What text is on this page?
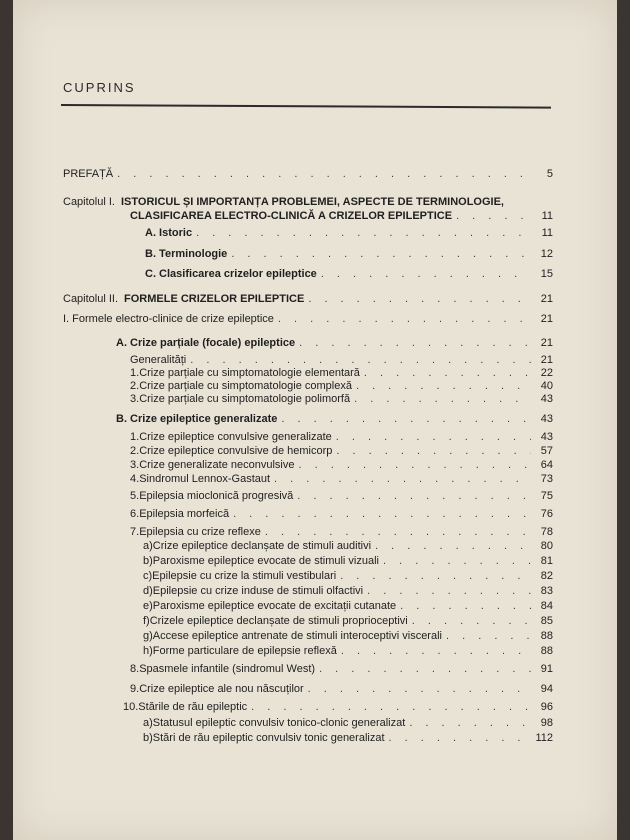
CUPRINS
PREFAȚĂ . . .	5
Capitolul I. ISTORICUL ȘI IMPORTANȚA PROBLEMEI, ASPECTE DE TERMINOLOGIE,
CLASIFICAREA ELECTRO-CLINICĂ A CRIZELOR EPILEPTICE . . .	11
A. Istoric . . .	11
B. Terminologie . . .	12
C. Clasificarea crizelor epileptice . . .	15
Capitolul II. FORMELE CRIZELOR EPILEPTICE . . .	21
I. Formele electro-clinice de crize epileptice . . .	21
A. Crize parțiale (focale) epileptice . . .	21
Generalități . . .	21
1. Crize parțiale cu simptomatologie elementară . . .	22
2. Crize parțiale cu simptomatologie complexă . . .	40
3. Crize parțiale cu simptomatologie polimorfă . . .	43
B. Crize epileptice generalizate . . .	43
1. Crize epileptice convulsive generalizate . . .	43
2. Crize epileptice convulsive de hemicorp . . .	57
3. Crize generalizate neconvulsive . . .	64
4. Sindromul Lennox-Gastaut . . .	73
5. Epilepsia mioclonică progresivă . . .	75
6. Epilepsia morfeică . . .	76
7. Epilepsia cu crize reflexe . . .	78
a) Crize epileptice declanșate de stimuli auditivi . . .	80
b) Paroxisme epileptice evocate de stimuli vizuali . . .	81
c) Epilepsie cu crize la stimuli vestibulari . . .	82
d) Epilepsie cu crize induse de stimuli olfactivi . . .	83
e) Paroxisme epileptice evocate de excitații cutanate . . .	84
f) Crizele epileptice declanșate de stimuli proprioceptivi . . .	85
g) Accese epileptice antrenate de stimuli interoceptivi viscerali . . .	88
h) Forme particulare de epilepsie reflexă . . .	88
8. Spasmele infantile (sindromul West) . . .	91
9. Crize epileptice ale nou născuților . . .	94
10. Stările de rău epileptic . . .	96
a) Statusul epileptic convulsiv tonico-clonic generalizat . . .	98
b) Stări de rău epileptic convulsiv tonic generalizat . . .	112
